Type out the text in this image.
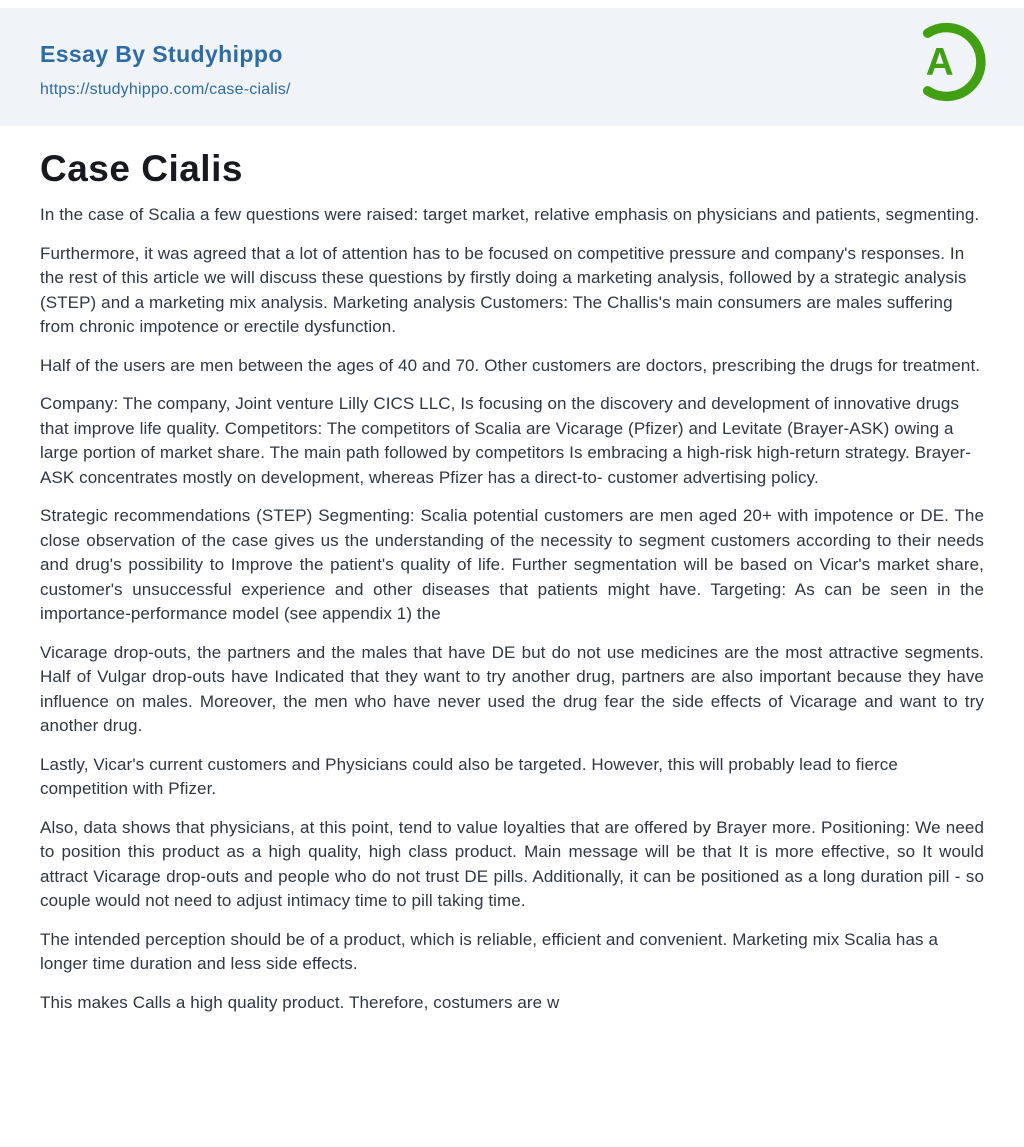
Essay By Studyhippo
https://studyhippo.com/case-cialis/
A
Case Cialis

In the case of Scalia a few questions were raised: target market, relative emphasis on physicians and patients, segmenting.

Furthermore, it was agreed that a lot of attention has to be focused on competitive pressure and company's responses. In the rest of this article we will discuss these questions by firstly doing a marketing analysis, followed by a strategic analysis (STEP) and a marketing mix analysis. Marketing analysis Customers: The Challis's main consumers are males suffering from chronic impotence or erectile dysfunction.

Half of the users are men between the ages of 40 and 70. Other customers are doctors, prescribing the drugs for treatment.

Company: The company, Joint venture Lilly CICS LLC, Is focusing on the discovery and development of innovative drugs that improve life quality. Competitors: The competitors of Scalia are Vicarage (Pfizer) and Levitate (Brayer-ASK) owing a large portion of market share. The main path followed by competitors Is embracing a high-risk high-return strategy. Brayer-ASK concentrates mostly on development, whereas Pfizer has a direct-to- customer advertising policy.

Strategic recommendations (STEP) Segmenting: Scalia potential customers are men aged 20+ with impotence or DE. The close observation of the case gives us the understanding of the necessity to segment customers according to their needs and drug's possibility to Improve the patient's quality of life. Further segmentation will be based on Vicar's market share, customer's unsuccessful experience and other diseases that patients might have. Targeting: As can be seen in the importance-performance model (see appendix 1) the

Vicarage drop-outs, the partners and the males that have DE but do not use medicines are the most attractive segments. Half of Vulgar drop-outs have Indicated that they want to try another drug, partners are also important because they have influence on males. Moreover, the men who have never used the drug fear the side effects of Vicarage and want to try another drug.

Lastly, Vicar's current customers and Physicians could also be targeted. However, this will probably lead to fierce competition with Pfizer.

Also, data shows that physicians, at this point, tend to value loyalties that are offered by Brayer more. Positioning: We need to position this product as a high quality, high class product. Main message will be that It is more effective, so It would attract Vicarage drop-outs and people who do not trust DE pills. Additionally, it can be positioned as a long duration pill - so couple would not need to adjust intimacy time to pill taking time.

The intended perception should be of a product, which is reliable, efficient and convenient. Marketing mix Scalia has a longer time duration and less side effects.

This makes Calls a high quality product. Therefore, costumers are w
